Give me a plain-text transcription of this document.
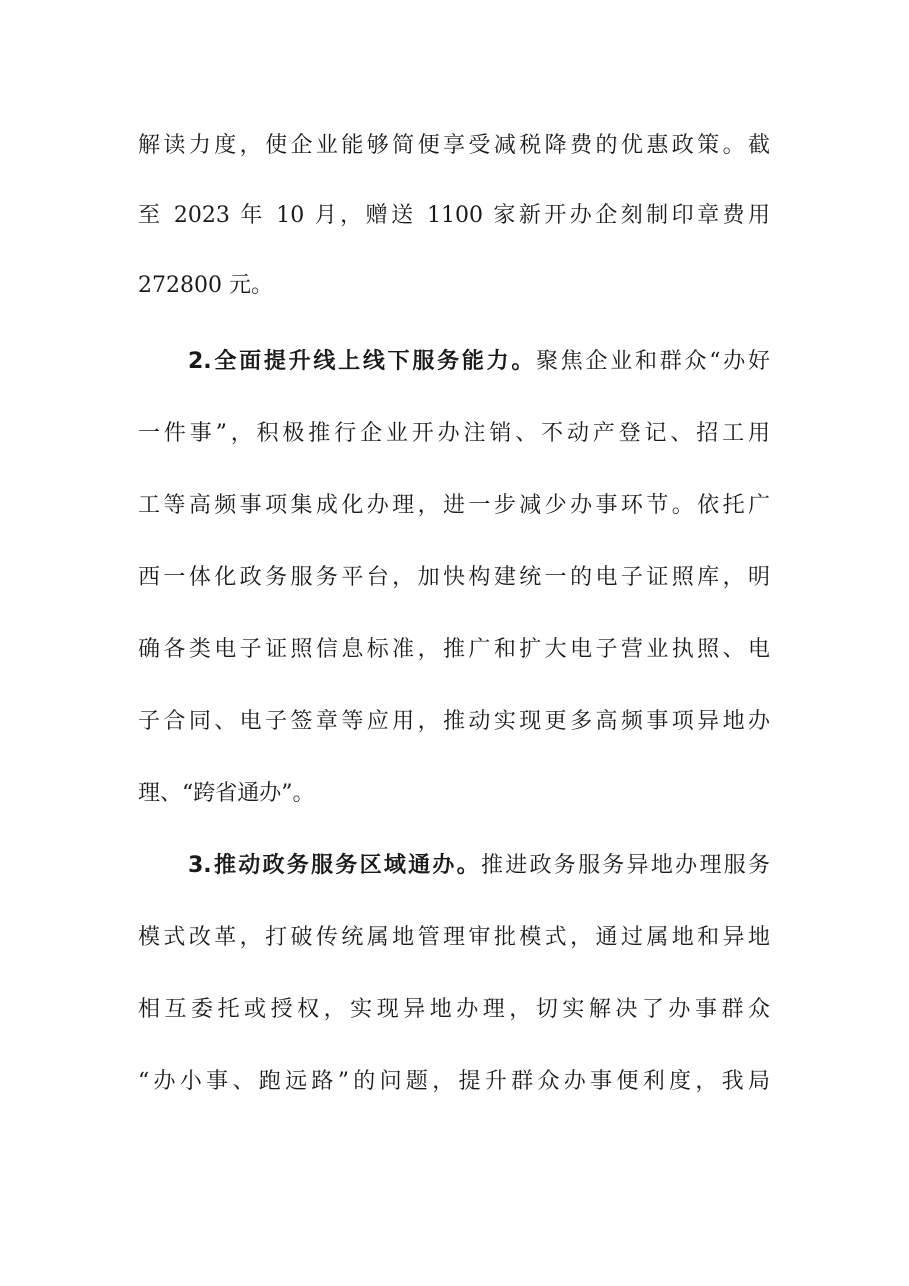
解读力度，使企业能够简便享受减税降费的优惠政策。截
至 2023 年 10 月，赠送 1100 家新开办企刻制印章费用
272800 元。
2.全面提升线上线下服务能力。聚焦企业和群众“办好
一件事”，积极推行企业开办注销、不动产登记、招工用
工等高频事项集成化办理，进一步减少办事环节。依托广
西一体化政务服务平台，加快构建统一的电子证照库，明
确各类电子证照信息标准，推广和扩大电子营业执照、电
子合同、电子签章等应用，推动实现更多高频事项异地办
理、“跨省通办”。
3.推动政务服务区域通办。推进政务服务异地办理服务
模式改革，打破传统属地管理审批模式，通过属地和异地
相互委托或授权，实现异地办理，切实解决了办事群众
“办小事、跑远路”的问题，提升群众办事便利度，我局
